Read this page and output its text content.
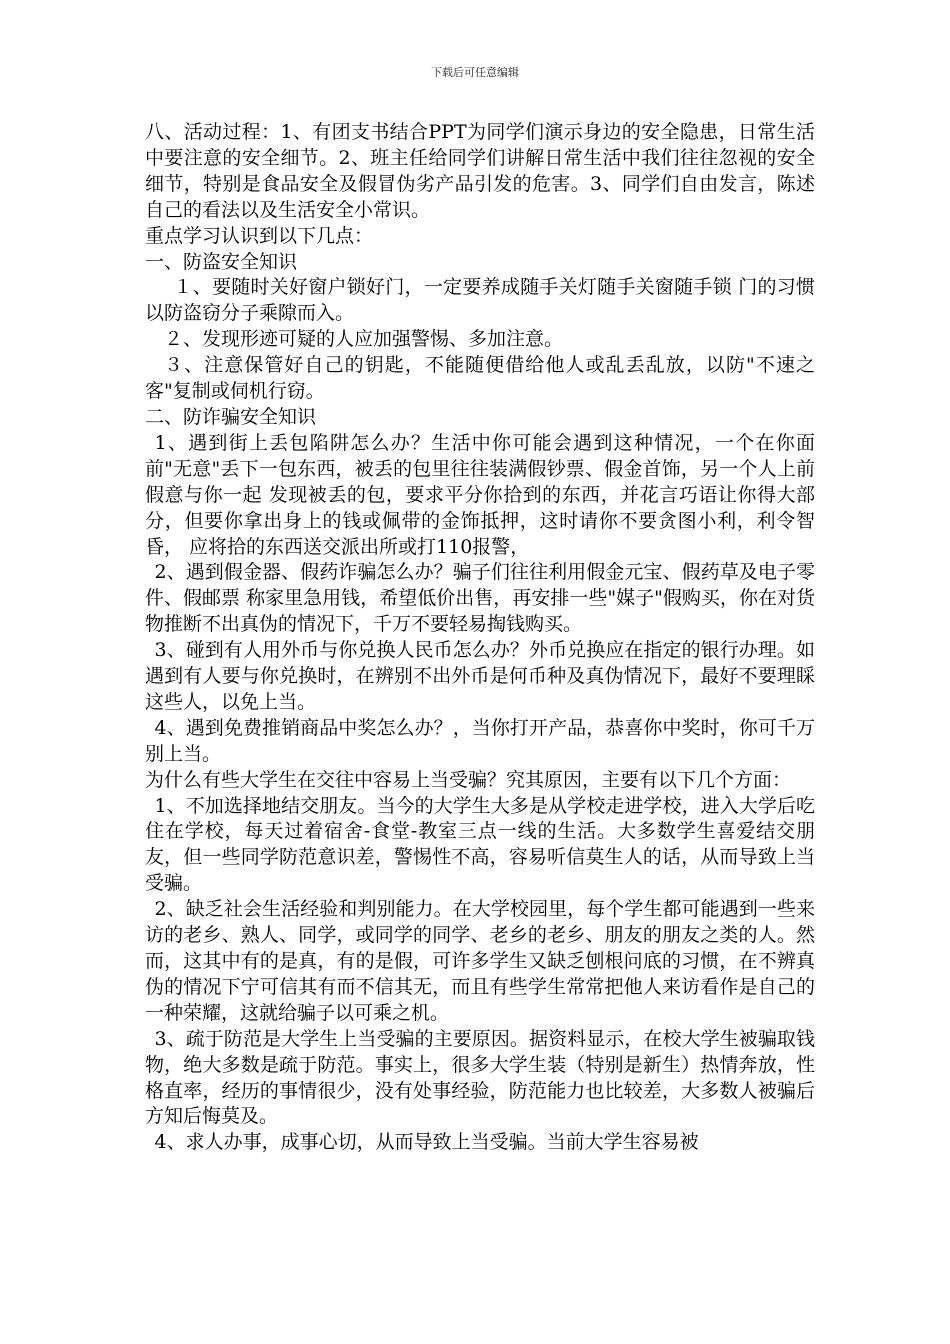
下载后可任意编辑

八、活动过程：1、有团支书结合PPT为同学们演示身边的安全隐患，日常生活中要注意的安全细节。2、班主任给同学们讲解日常生活中我们往往忽视的安全细节，特别是食品安全及假冒伪劣产品引发的危害。3、同学们自由发言，陈述自己的看法以及生活安全小常识。

重点学习认识到以下几点：

一、防盗安全知识

１、要随时关好窗户锁好门，一定要养成随手关灯随手关窗随手锁 门的习惯以防盗窃分子乘隙而入。

２、发现形迹可疑的人应加强警惕、多加注意。

３、注意保管好自己的钥匙，不能随便借给他人或乱丢乱放，以防"不速之客"复制或伺机行窃。

二、防诈骗安全知识

1、遇到街上丢包陷阱怎么办？生活中你可能会遇到这种情况，一个在你面前"无意"丢下一包东西，被丢的包里往往装满假钞票、假金首饰，另一个人上前假意与你一起 发现被丢的包，要求平分你拾到的东西，并花言巧语让你得大部分，但要你拿出身上的钱或佩带的金饰抵押，这时请你不要贪图小利，利令智昏， 应将拾的东西送交派出所或打110报警，

2、遇到假金器、假药诈骗怎么办？骗子们往往利用假金元宝、假药草及电子零件、假邮票 称家里急用钱，希望低价出售，再安排一些"媒子"假购买，你在对货物推断不出真伪的情况下，千万不要轻易掏钱购买。

3、碰到有人用外币与你兑换人民币怎么办？外币兑换应在指定的银行办理。如遇到有人要与你兑换时，在辨别不出外币是何币种及真伪情况下，最好不要理睬这些人，以免上当。

4、遇到免费推销商品中奖怎么办？，当你打开产品，恭喜你中奖时，你可千万别上当。

为什么有些大学生在交往中容易上当受骗？究其原因，主要有以下几个方面：

1、不加选择地结交朋友。当今的大学生大多是从学校走进学校，进入大学后吃住在学校，每天过着宿舍-食堂-教室三点一线的生活。大多数学生喜爱结交朋友，但一些同学防范意识差，警惕性不高，容易听信莫生人的话，从而导致上当受骗。

2、缺乏社会生活经验和判别能力。在大学校园里，每个学生都可能遇到一些来访的老乡、熟人、同学，或同学的同学、老乡的老乡、朋友的朋友之类的人。然而，这其中有的是真，有的是假，可许多学生又缺乏刨根问底的习惯，在不辨真伪的情况下宁可信其有而不信其无，而且有些学生常常把他人来访看作是自己的一种荣耀，这就给骗子以可乘之机。

3、疏于防范是大学生上当受骗的主要原因。据资料显示，在校大学生被骗取钱物，绝大多数是疏于防范。事实上，很多大学生装（特别是新生）热情奔放，性格直率，经历的事情很少，没有处事经验，防范能力也比较差，大多数人被骗后方知后悔莫及。

4、求人办事，成事心切，从而导致上当受骗。当前大学生容易被
